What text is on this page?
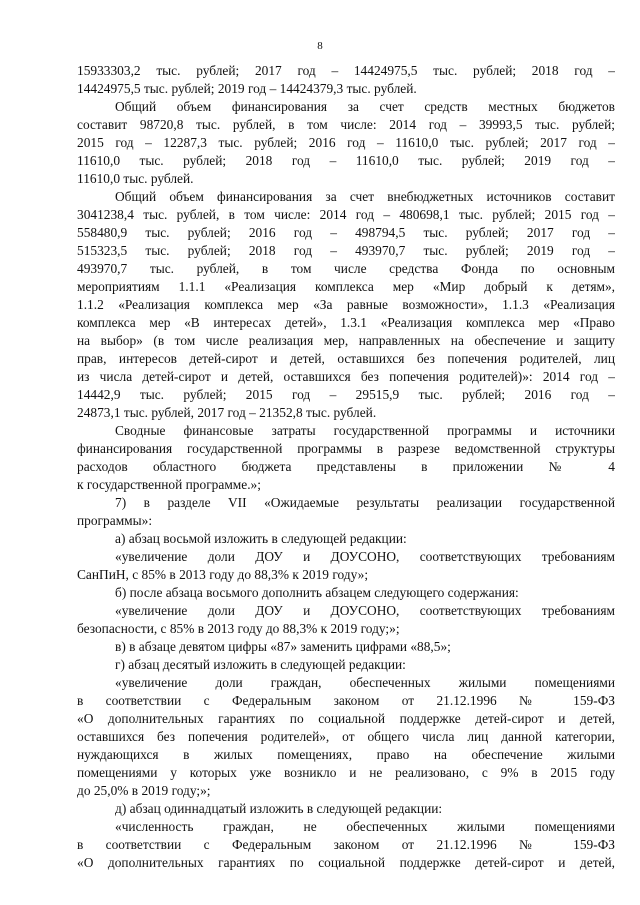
8
15933303,2 тыс. рублей; 2017 год – 14424975,5 тыс. рублей; 2018 год –
14424975,5 тыс. рублей; 2019 год – 14424379,3 тыс. рублей.
Общий объем финансирования за счет средств местных бюджетов
составит 98720,8 тыс. рублей, в том числе: 2014 год – 39993,5 тыс. рублей;
2015 год – 12287,3 тыс. рублей; 2016 год – 11610,0 тыс. рублей; 2017 год –
11610,0 тыс. рублей; 2018 год – 11610,0 тыс. рублей; 2019 год –
11610,0 тыс. рублей.
Общий объем финансирования за счет внебюджетных источников составит
3041238,4 тыс. рублей, в том числе: 2014 год – 480698,1 тыс. рублей; 2015 год –
558480,9 тыс. рублей; 2016 год – 498794,5 тыс. рублей; 2017 год –
515323,5 тыс. рублей; 2018 год – 493970,7 тыс. рублей; 2019 год –
493970,7 тыс. рублей, в том числе средства Фонда по основным
мероприятиям 1.1.1 «Реализация комплекса мер «Мир добрый к детям»,
1.1.2 «Реализация комплекса мер «За равные возможности», 1.1.3 «Реализация
комплекса мер «В интересах детей», 1.3.1 «Реализация комплекса мер «Право
на выбор» (в том числе реализация мер, направленных на обеспечение и защиту
прав, интересов детей-сирот и детей, оставшихся без попечения родителей, лиц
из числа детей-сирот и детей, оставшихся без попечения родителей)»: 2014 год –
14442,9 тыс. рублей; 2015 год – 29515,9 тыс. рублей; 2016 год –
24873,1 тыс. рублей, 2017 год – 21352,8 тыс. рублей.
Сводные финансовые затраты государственной программы и источники
финансирования государственной программы в разрезе ведомственной структуры
расходов областного бюджета представлены в приложении № 4
к государственной программе.»;
7) в разделе VII «Ожидаемые результаты реализации государственной
программы»:
а) абзац восьмой изложить в следующей редакции:
«увеличение доли ДОУ и ДОУСОНО, соответствующих требованиям
СанПиН, с 85% в 2013 году до 88,3% к 2019 году»;
б) после абзаца восьмого дополнить абзацем следующего содержания:
«увеличение доли ДОУ и ДОУСОНО, соответствующих требованиям
безопасности, с 85% в 2013 году до 88,3% к 2019 году;»;
в) в абзаце девятом цифры «87» заменить цифрами «88,5»;
г) абзац десятый изложить в следующей редакции:
«увеличение доли граждан, обеспеченных жилыми помещениями
в соответствии с Федеральным законом от 21.12.1996 № 159-ФЗ
«О дополнительных гарантиях по социальной поддержке детей-сирот и детей,
оставшихся без попечения родителей», от общего числа лиц данной категории,
нуждающихся в жилых помещениях, право на обеспечение жилыми
помещениями у которых уже возникло и не реализовано, с 9% в 2015 году
до 25,0% в 2019 году;»;
д) абзац одиннадцатый изложить в следующей редакции:
«численность граждан, не обеспеченных жилыми помещениями
в соответствии с Федеральным законом от 21.12.1996 № 159-ФЗ
«О дополнительных гарантиях по социальной поддержке детей-сирот и детей,
